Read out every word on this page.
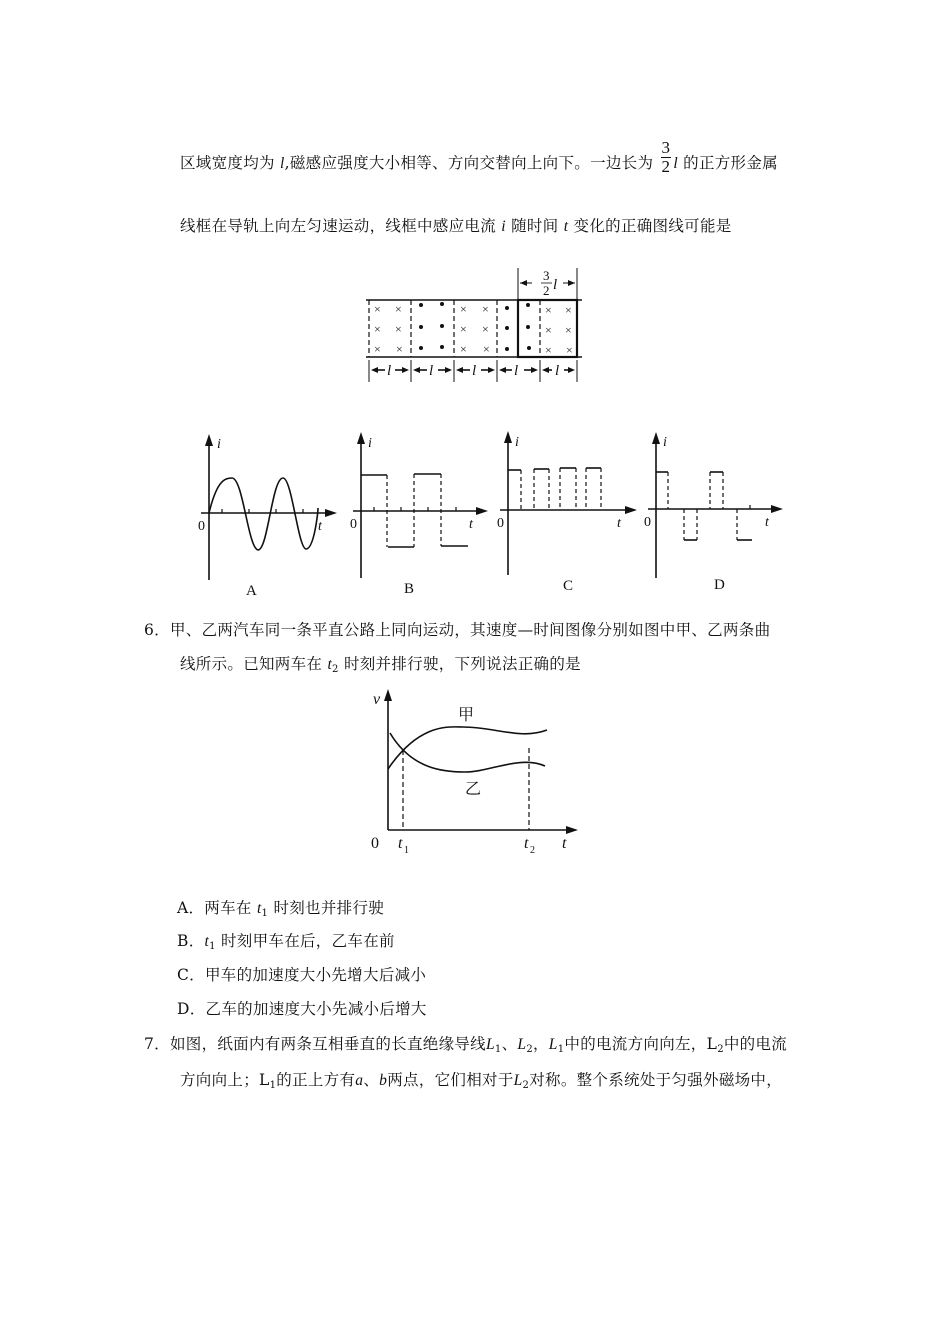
区域宽度均为 l,磁感应强度大小相等、方向交替向上向下。一边长为 $\frac{3}{2}$ l 的正方形金属
线框在导轨上向左匀速运动，线框中感应电流 i 随时间 t 变化的正确图线可能是
3
2 l
l	l	l	l l
× ×
× ×
× ×
× ×
× ×
× ×
× ×
× ×
× ×
i
t
0
A
i
t
0
B
i
t
0
C
i
t
0
D
6．甲、乙两汽车同一条平直公路上同向运动，其速度—时间图像分别如图中甲、乙两条曲
线所示。已知两车在 $t_2$ 时刻并排行驶，下列说法正确的是
v
t
0 t 1	t 2
甲
乙
A．两车在 $t_1$ 时刻也并排行驶
B．$t_1$ 时刻甲车在后，乙车在前
C．甲车的加速度大小先增大后减小
D．乙车的加速度大小先减小后增大
7．如图，纸面内有两条互相垂直的长直绝缘导线$L_1$、$L_2$，$L_1$中的电流方向向左，$L_2$中的电流
方向向上；$L_1$的正上方有a、b两点，它们相对于$L_2$对称。整个系统处于匀强外磁场中，
